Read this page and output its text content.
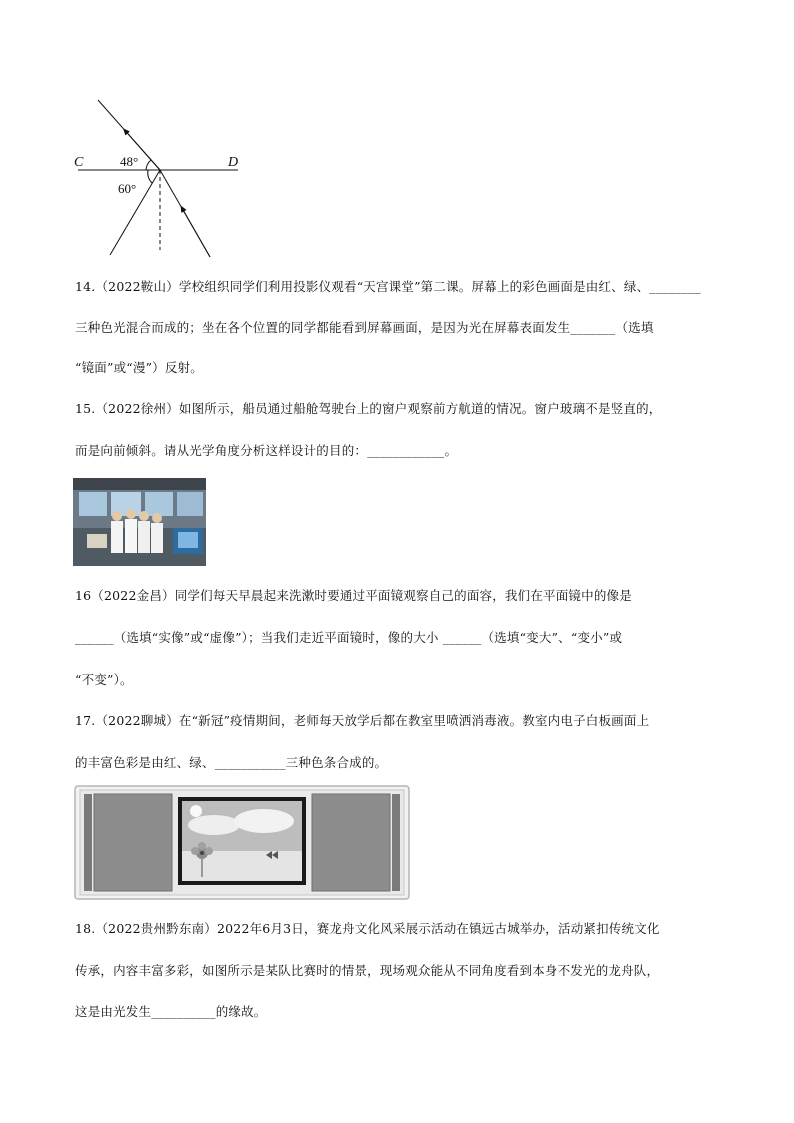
C	D
48°
60°
14.（2022鞍山）学校组织同学们利用投影仪观看“天宫课堂”第二课。屏幕上的彩色画面是由红、绿、________
三种色光混合而成的；坐在各个位置的同学都能看到屏幕画面，是因为光在屏幕表面发生_______（选填
“镜面”或“漫”）反射。
15.（2022徐州）如图所示，船员通过船舱驾驶台上的窗户观察前方航道的情况。窗户玻璃不是竖直的，
而是向前倾斜。请从光学角度分析这样设计的目的：____________。
16（2022金昌）同学们每天早晨起来洗漱时要通过平面镜观察自己的面容，我们在平面镜中的像是
______（选填“实像”或“虚像”）；当我们走近平面镜时，像的大小 ______（选填“变大”、“变小”或
“不变”）。
17.（2022聊城）在“新冠”疫情期间，老师每天放学后都在教室里喷洒消毒液。教室内电子白板画面上
的丰富色彩是由红、绿、___________三种色条合成的。
18.（2022贵州黔东南）2022年6月3日，赛龙舟文化风采展示活动在镇远古城举办，活动紧扣传统文化
传承，内容丰富多彩，如图所示是某队比赛时的情景，现场观众能从不同角度看到本身不发光的龙舟队，
这是由光发生__________的缘故。
